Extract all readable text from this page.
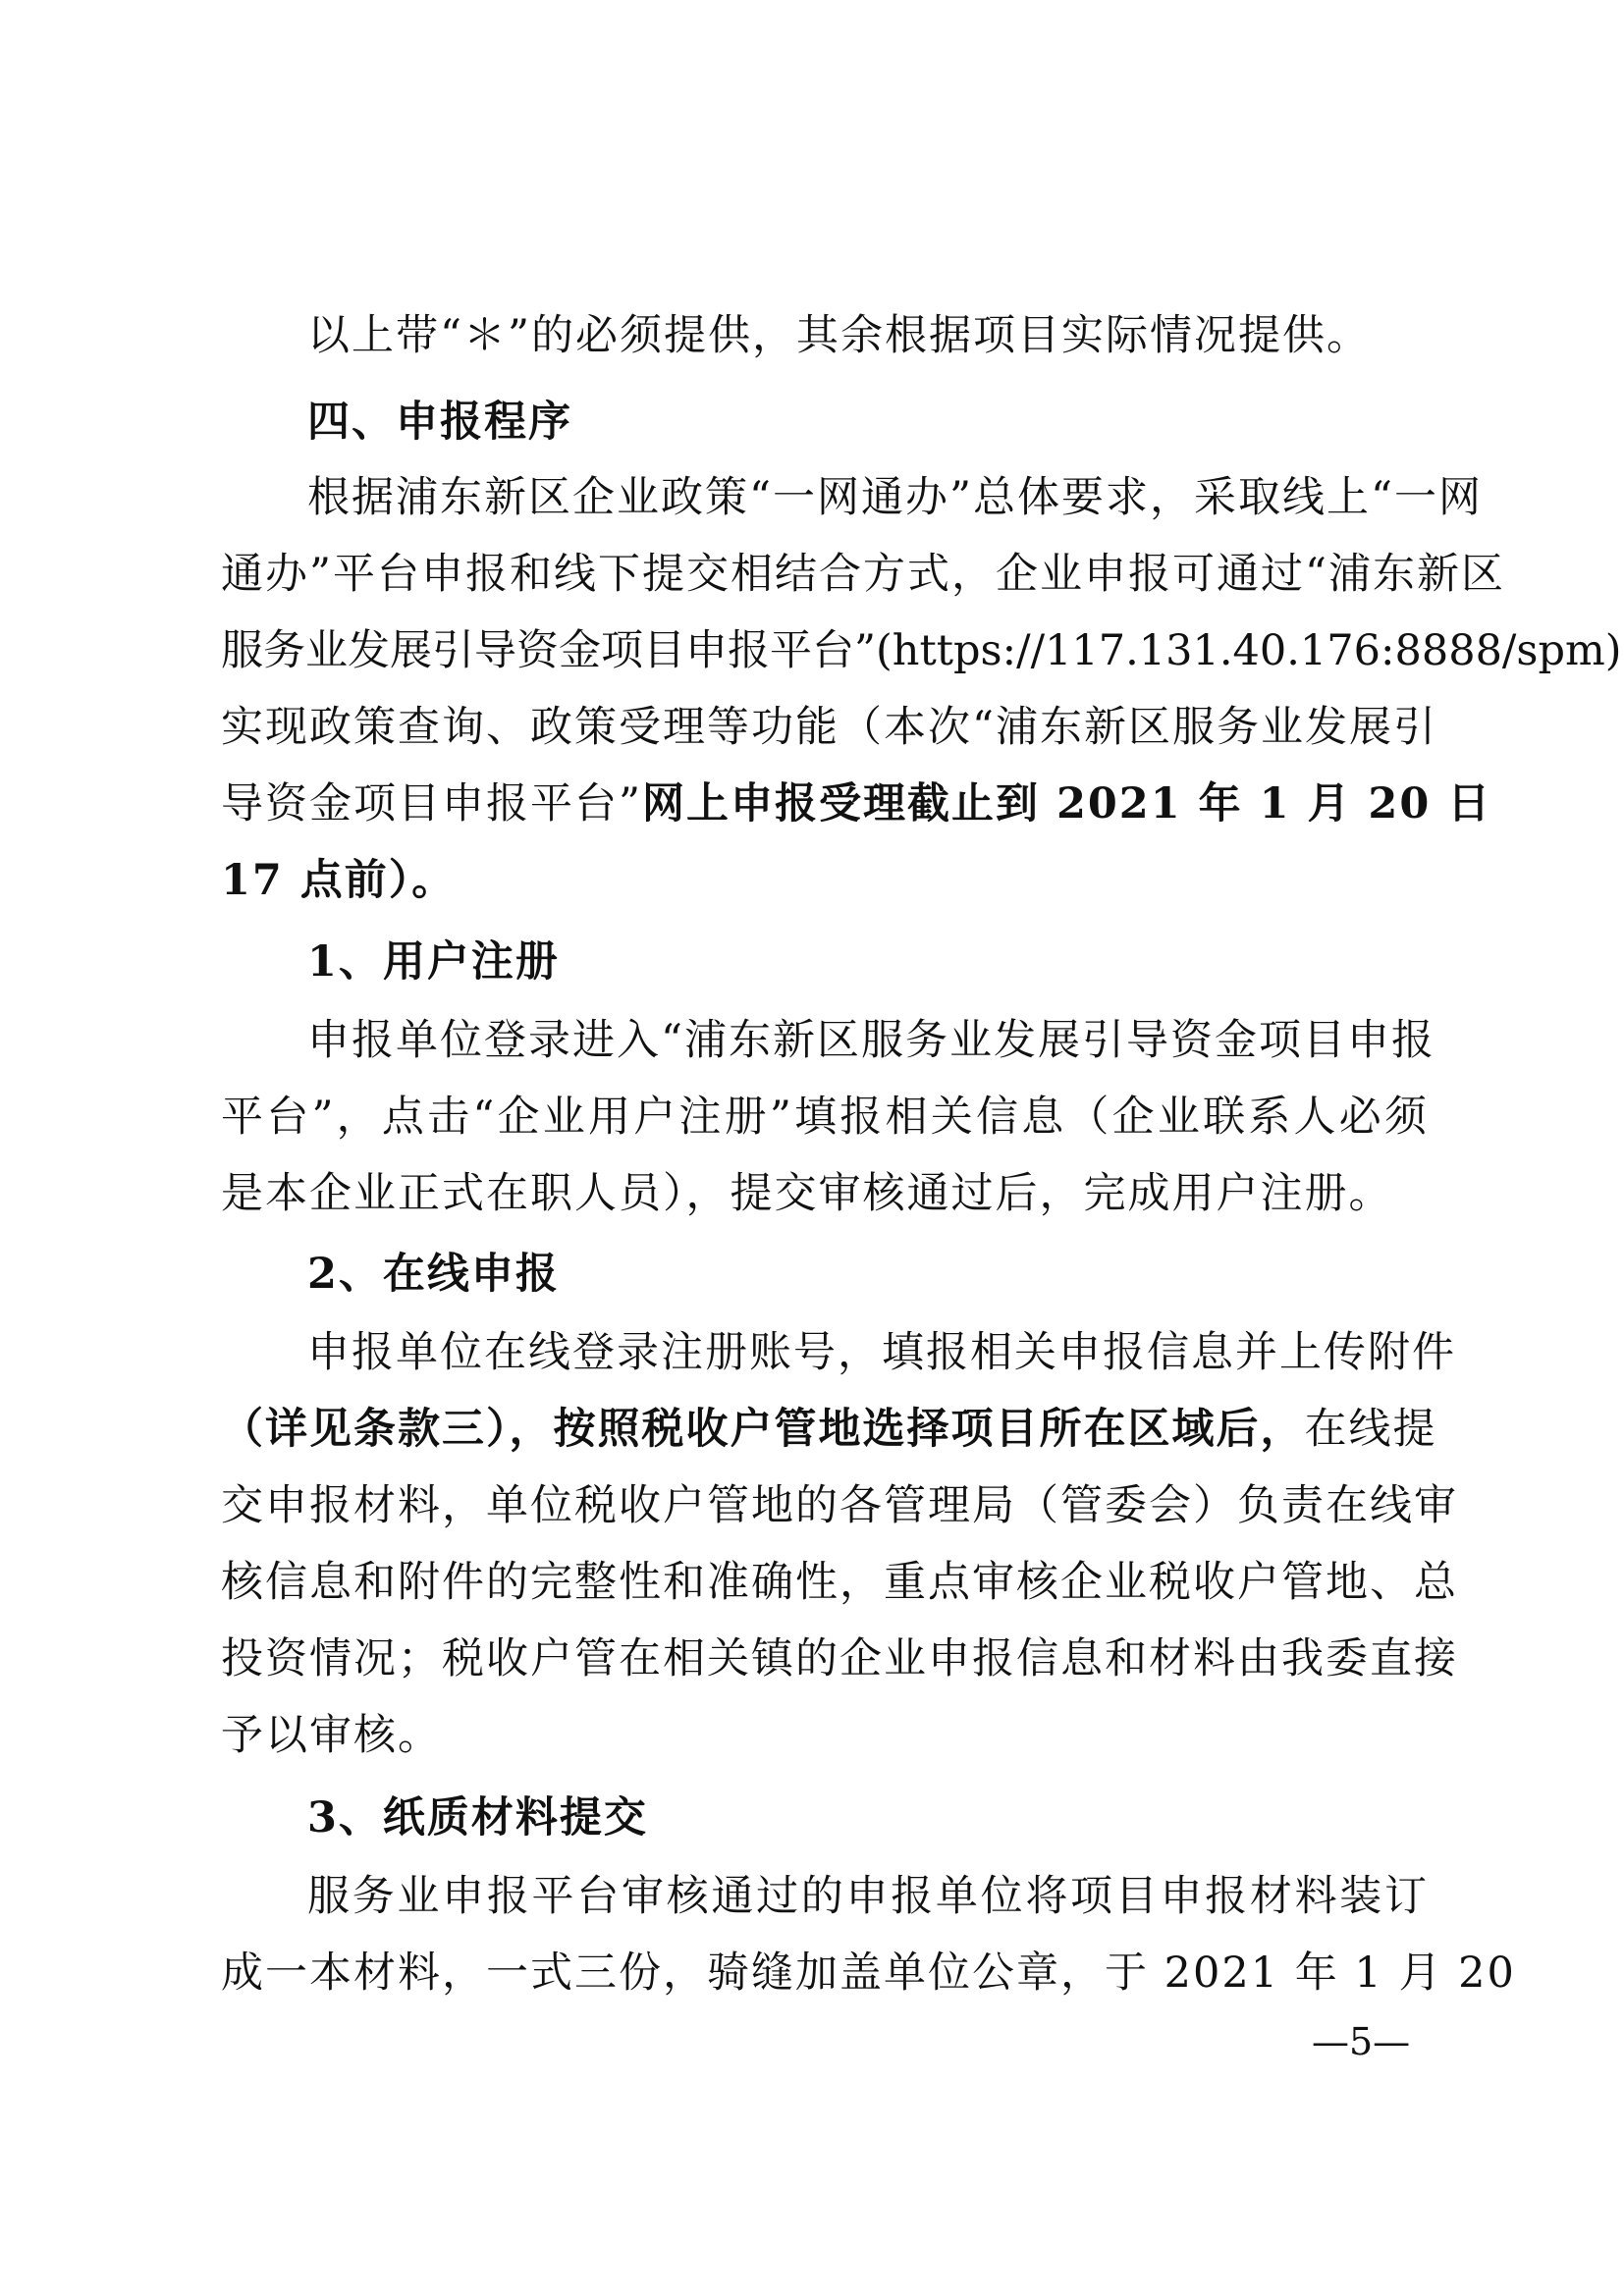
以上带“＊”的必须提供，其余根据项目实际情况提供。
四、申报程序
根据浦东新区企业政策“一网通办”总体要求，采取线上“一网
通办”平台申报和线下提交相结合方式，企业申报可通过“浦东新区
服务业发展引导资金项目申报平台”(https://117.131.40.176:8888/spm)
实现政策查询、政策受理等功能（本次“浦东新区服务业发展引
导资金项目申报平台”网上申报受理截止到 2021 年 1 月 20 日
17 点前）。
1、用户注册
申报单位登录进入“浦东新区服务业发展引导资金项目申报
平台”，点击“企业用户注册”填报相关信息（企业联系人必须
是本企业正式在职人员），提交审核通过后，完成用户注册。
2、在线申报
申报单位在线登录注册账号，填报相关申报信息并上传附件
（详见条款三），按照税收户管地选择项目所在区域后，在线提
交申报材料，单位税收户管地的各管理局（管委会）负责在线审
核信息和附件的完整性和准确性，重点审核企业税收户管地、总
投资情况；税收户管在相关镇的企业申报信息和材料由我委直接
予以审核。
3、纸质材料提交
服务业申报平台审核通过的申报单位将项目申报材料装订
成一本材料，一式三份，骑缝加盖单位公章，于 2021 年 1 月 20
—5—
